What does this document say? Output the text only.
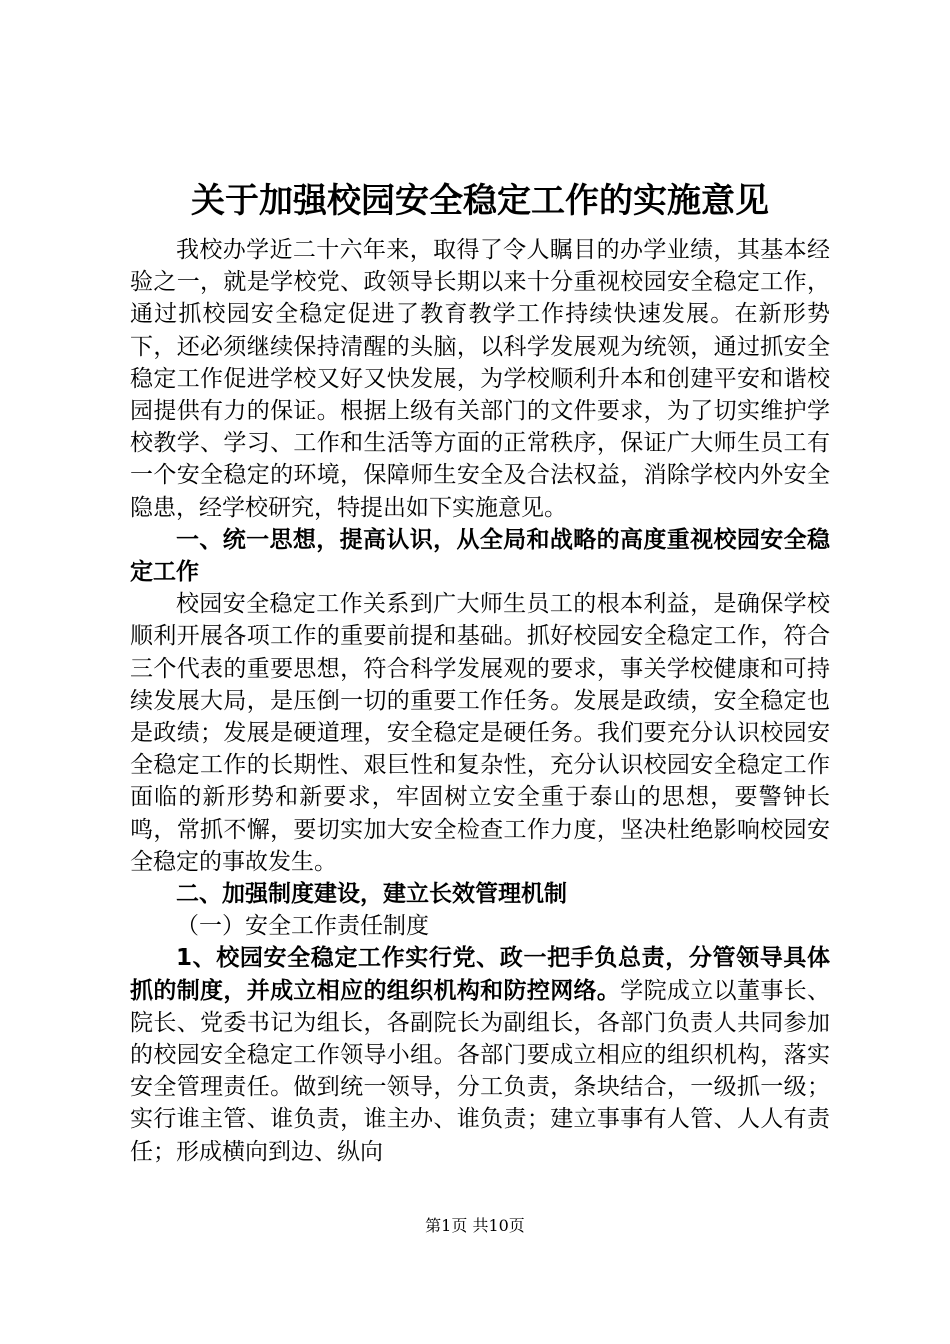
关于加强校园安全稳定工作的实施意见

我校办学近二十六年来，取得了令人瞩目的办学业绩，其基本经验之一，就是学校党、政领导长期以来十分重视校园安全稳定工作，通过抓校园安全稳定促进了教育教学工作持续快速发展。在新形势下，还必须继续保持清醒的头脑，以科学发展观为统领，通过抓安全稳定工作促进学校又好又快发展，为学校顺利升本和创建平安和谐校园提供有力的保证。根据上级有关部门的文件要求，为了切实维护学校教学、学习、工作和生活等方面的正常秩序，保证广大师生员工有一个安全稳定的环境，保障师生安全及合法权益，消除学校内外安全隐患，经学校研究，特提出如下实施意见。

一、统一思想，提高认识，从全局和战略的高度重视校园安全稳定工作

校园安全稳定工作关系到广大师生员工的根本利益，是确保学校顺利开展各项工作的重要前提和基础。抓好校园安全稳定工作，符合三个代表的重要思想，符合科学发展观的要求，事关学校健康和可持续发展大局，是压倒一切的重要工作任务。发展是政绩，安全稳定也是政绩；发展是硬道理，安全稳定是硬任务。我们要充分认识校园安全稳定工作的长期性、艰巨性和复杂性，充分认识校园安全稳定工作面临的新形势和新要求，牢固树立安全重于泰山的思想，要警钟长鸣，常抓不懈，要切实加大安全检查工作力度，坚决杜绝影响校园安全稳定的事故发生。

二、加强制度建设，建立长效管理机制

（一）安全工作责任制度

1、校园安全稳定工作实行党、政一把手负总责，分管领导具体抓的制度，并成立相应的组织机构和防控网络。学院成立以董事长、院长、党委书记为组长，各副院长为副组长，各部门负责人共同参加的校园安全稳定工作领导小组。各部门要成立相应的组织机构，落实安全管理责任。做到统一领导，分工负责，条块结合，一级抓一级；实行谁主管、谁负责，谁主办、谁负责；建立事事有人管、人人有责任；形成横向到边、纵向

第1页 共10页
